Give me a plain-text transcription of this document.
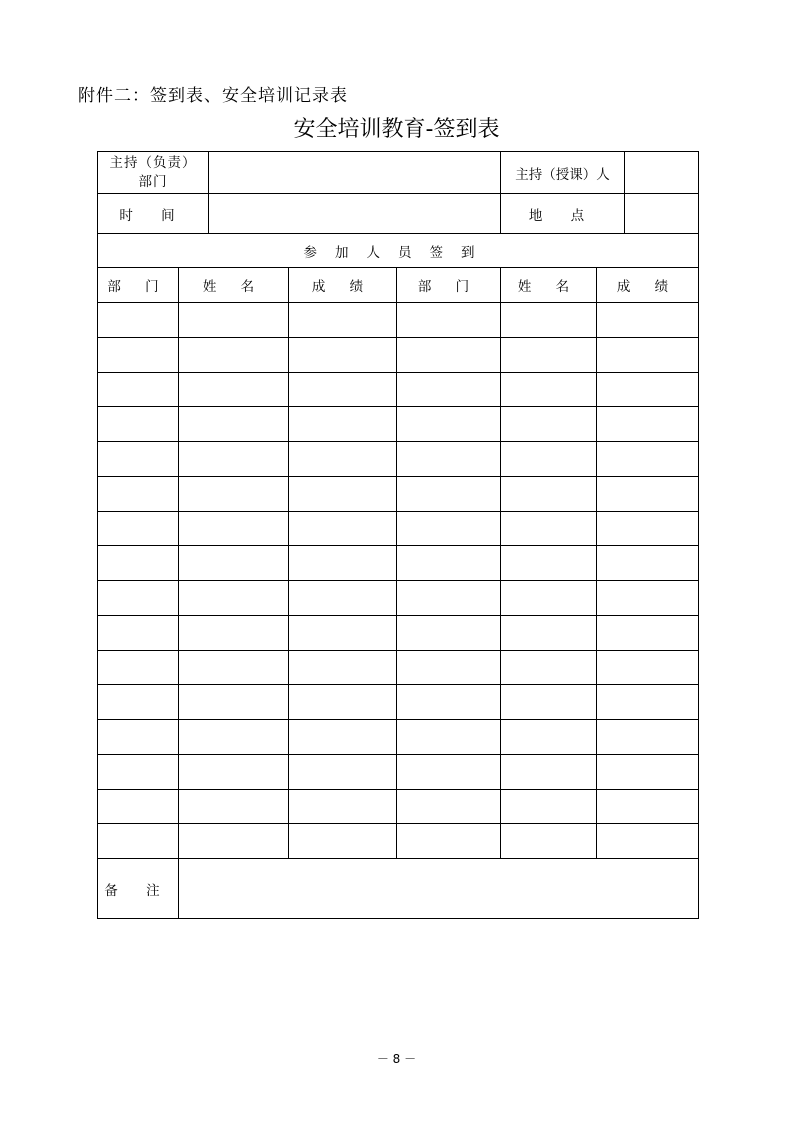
附件二：签到表、安全培训记录表
安全培训教育-签到表
主持（负责）
部门					主持（授课）人		
时 间					地 点		
参加人员签到							
部 门	姓 名		成 绩	部 门	姓 名	成 绩	

备 注							
－ 8 －
